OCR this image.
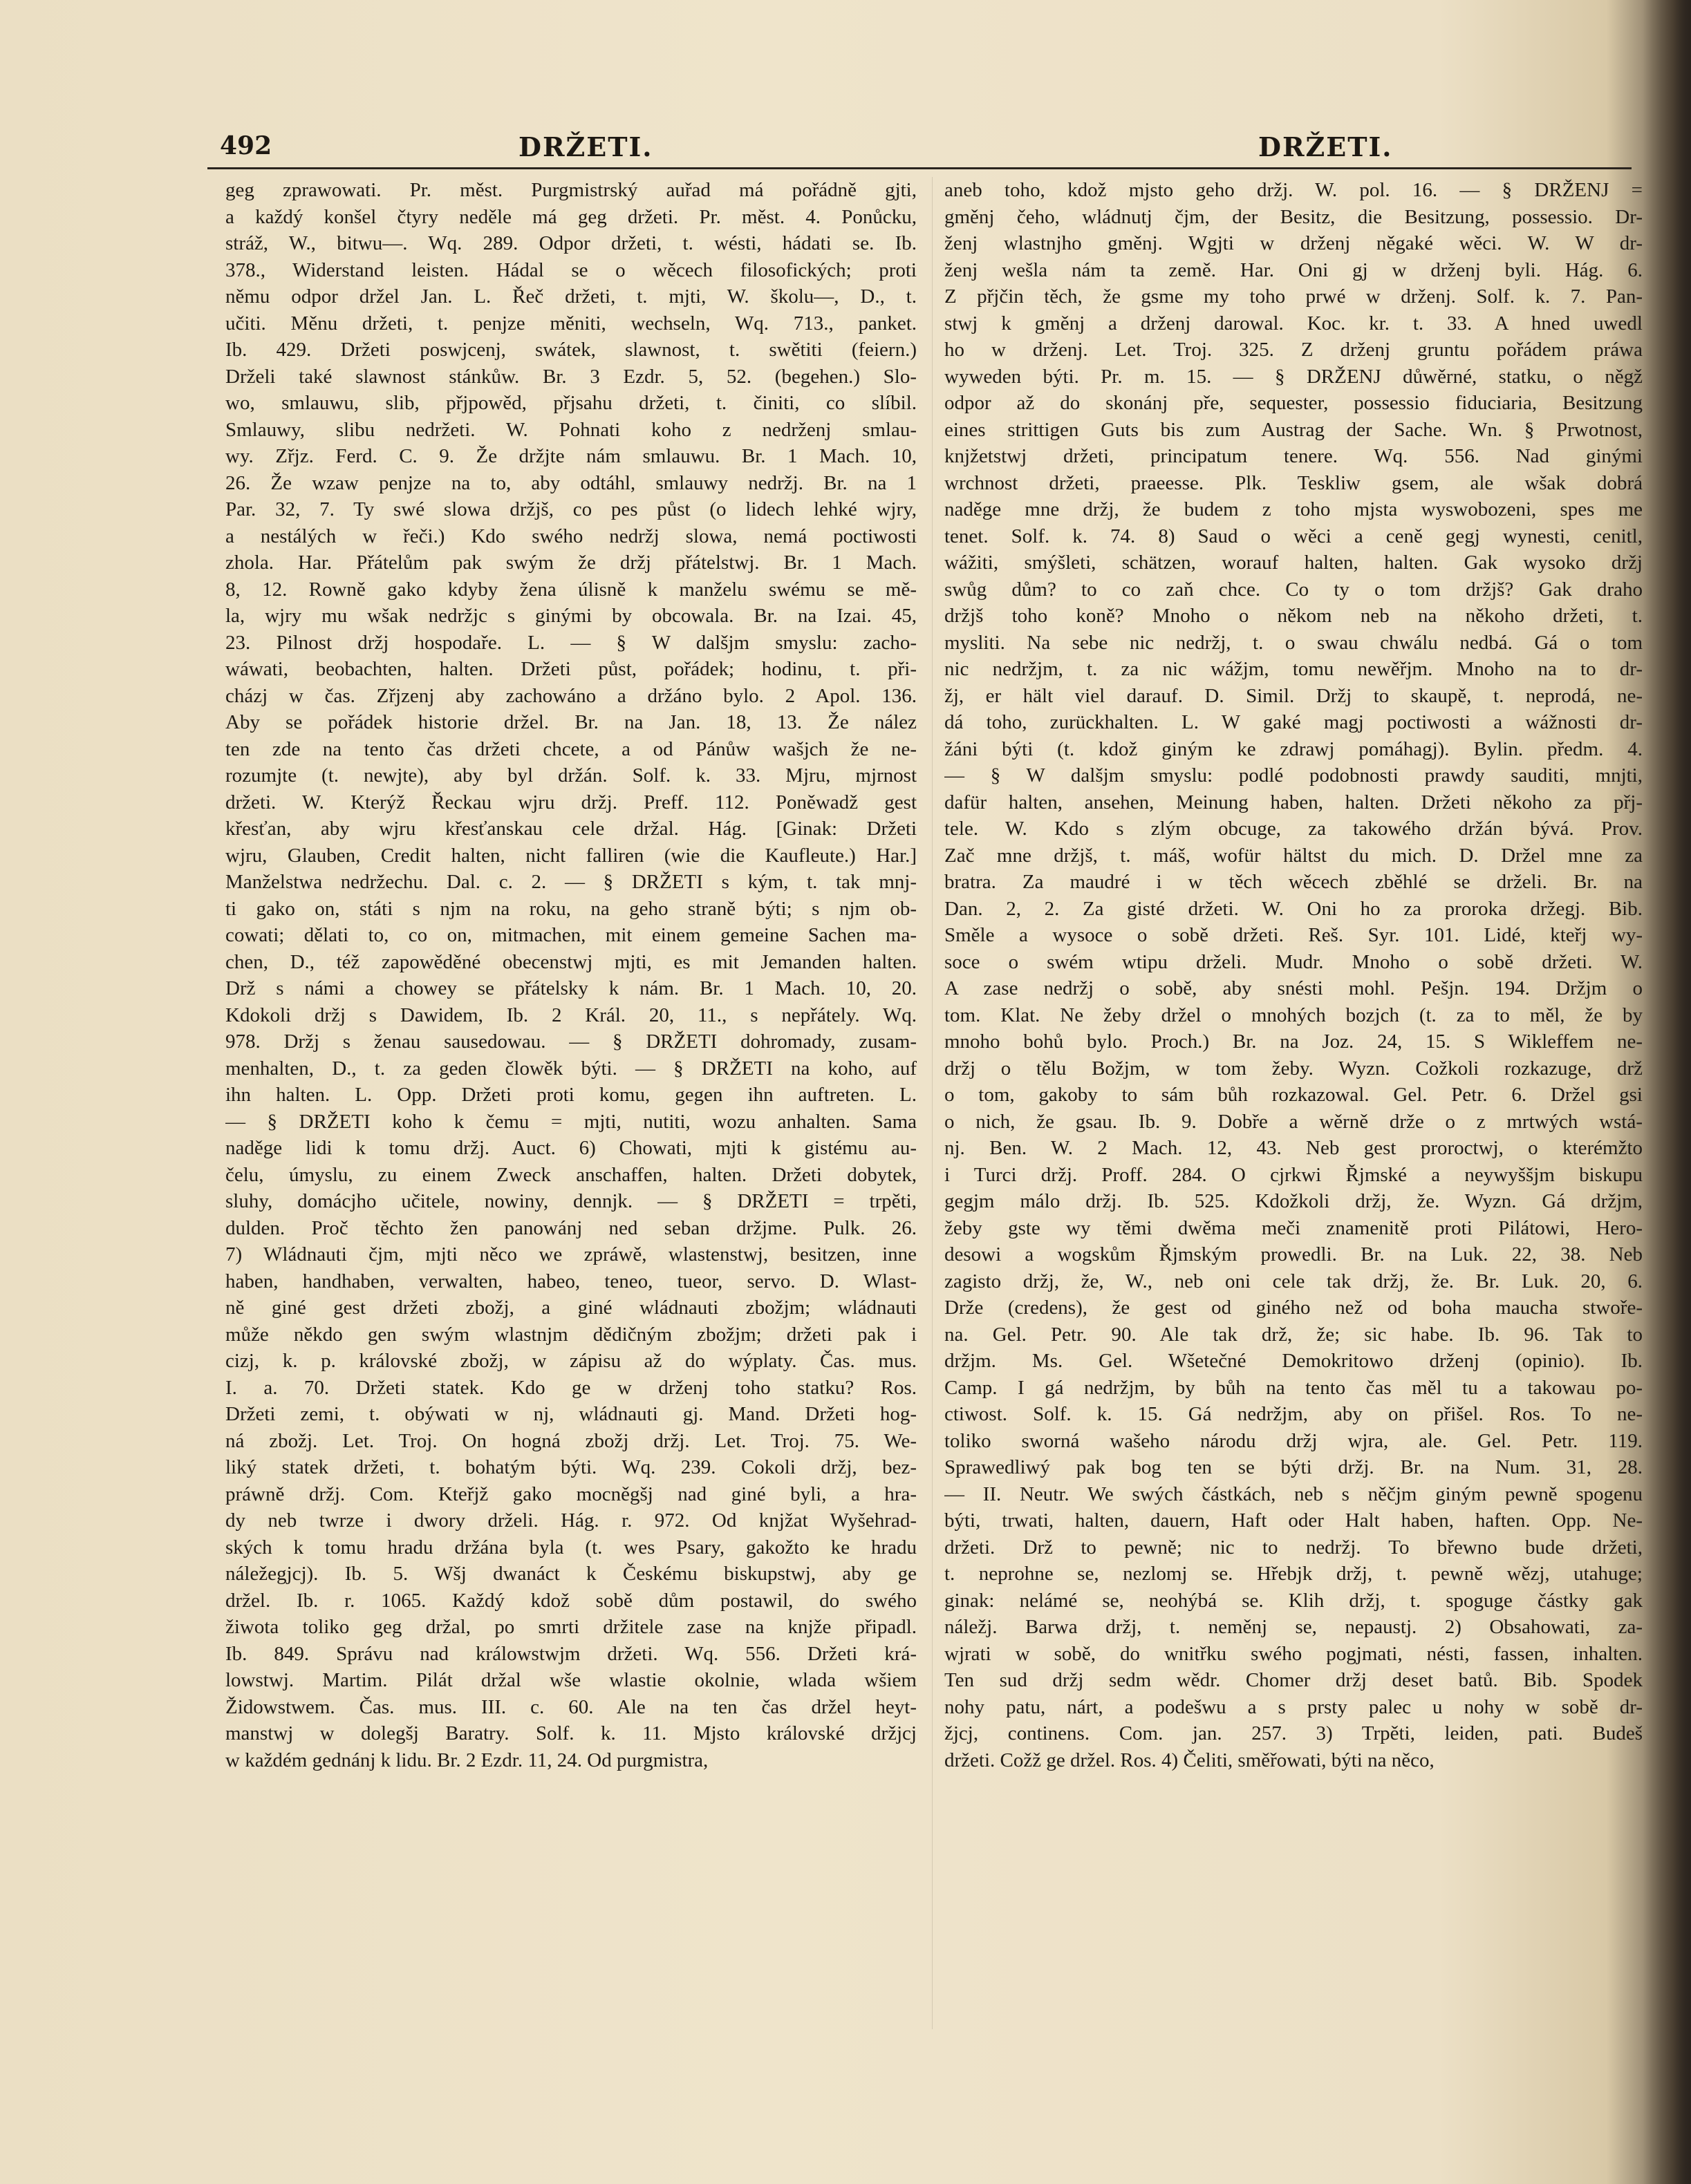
492	DRŽETI.	DRŽETI.
geg zprawowati. Pr. měst. Purgmistrský auřad má pořádně gjti,
a každý konšel čtyry neděle má geg držeti. Pr. měst. 4. Ponůcku,
stráž, W., bitwu—. Wq. 289. Odpor držeti, t. wésti, hádati se. Ib.
378., Widerstand leisten. Hádal se o wěcech filosofických; proti
němu odpor držel Jan. L. Řeč držeti, t. mjti, W. školu—, D., t.
učiti. Měnu držeti, t. penjze měniti, wechseln, Wq. 713., panket.
Ib. 429. Držeti poswjcenj, swátek, slawnost, t. swětiti (feiern.)
Drželi také slawnost stánkůw. Br. 3 Ezdr. 5, 52. (begehen.) Slo-
wo, smlauwu, slib, přjpowěd, přjsahu držeti, t. činiti, co slíbil.
Smlauwy, slibu nedržeti. W. Pohnati koho z nedrženj smlau-
wy. Zřjz. Ferd. C. 9. Že držjte nám smlauwu. Br. 1 Mach. 10,
26. Že wzaw penjze na to, aby odtáhl, smlauwy nedržj. Br. na 1
Par. 32, 7. Ty swé slowa držjš, co pes půst (o lidech lehké wjry,
a nestálých w řeči.) Kdo swého nedržj slowa, nemá poctiwosti
zhola. Har. Přátelům pak swým že držj přátelstwj. Br. 1 Mach.
8, 12. Rowně gako kdyby žena úlisně k manželu swému se mě-
la, wjry mu wšak nedržjc s ginými by obcowala. Br. na Izai. 45,
23. Pilnost držj hospodaře. L. — § W dalšjm smyslu: zacho-
wáwati, beobachten, halten. Držeti půst, pořádek; hodinu, t. při-
cházj w čas. Zřjzenj aby zachowáno a držáno bylo. 2 Apol. 136.
Aby se pořádek historie držel. Br. na Jan. 18, 13. Že nález
ten zde na tento čas držeti chcete, a od Pánůw wašjch že ne-
rozumjte (t. newjte), aby byl držán. Solf. k. 33. Mjru, mjrnost
držeti. W. Kterýž Řeckau wjru držj. Preff. 112. Poněwadž gest
křesťan, aby wjru křesťanskau cele držal. Hág. [Ginak: Držeti
wjru, Glauben, Credit halten, nicht falliren (wie die Kaufleute.) Har.]
Manželstwa nedržechu. Dal. c. 2. — § DRŽETI s kým, t. tak mnj-
ti gako on, státi s njm na roku, na geho straně býti; s njm ob-
cowati; dělati to, co on, mitmachen, mit einem gemeine Sachen ma-
chen, D., též zapowěděné obecenstwj mjti, es mit Jemanden halten.
Drž s námi a chowey se přátelsky k nám. Br. 1 Mach. 10, 20.
Kdokoli držj s Dawidem, Ib. 2 Král. 20, 11., s nepřátely. Wq.
978. Držj s ženau sausedowau. — § DRŽETI dohromady, zusam-
menhalten, D., t. za geden člowěk býti. — § DRŽETI na koho, auf
ihn halten. L. Opp. Držeti proti komu, gegen ihn auftreten. L.
— § DRŽETI koho k čemu = mjti, nutiti, wozu anhalten. Sama
naděge lidi k tomu držj. Auct. 6) Chowati, mjti k gistému au-
čelu, úmyslu, zu einem Zweck anschaffen, halten. Držeti dobytek,
sluhy, domácjho učitele, nowiny, dennjk. — § DRŽETI = trpěti,
dulden. Proč těchto žen panowánj ned seban držjme. Pulk. 26.
7) Wládnauti čjm, mjti něco we zpráwě, wlastenstwj, besitzen, inne
haben, handhaben, verwalten, habeo, teneo, tueor, servo. D. Wlast-
ně giné gest držeti zbožj, a giné wládnauti zbožjm; wládnauti
může někdo gen swým wlastnjm dědičným zbožjm; držeti pak i
cizj, k. p. královské zbožj, w zápisu až do wýplaty. Čas. mus.
I. a. 70. Držeti statek. Kdo ge w drženj toho statku? Ros.
Držeti zemi, t. obýwati w nj, wládnauti gj. Mand. Držeti hog-
ná zbožj. Let. Troj. On hogná zbožj držj. Let. Troj. 75. We-
liký statek držeti, t. bohatým býti. Wq. 239. Cokoli držj, bez-
práwně držj. Com. Kteřjž gako mocněgšj nad giné byli, a hra-
dy neb twrze i dwory drželi. Hág. r. 972. Od knjžat Wyšehrad-
ských k tomu hradu držána byla (t. wes Psary, gakožto ke hradu
náležegjcj). Ib. 5. Wšj dwanáct k Českému biskupstwj, aby ge
držel. Ib. r. 1065. Každý kdož sobě dům postawil, do swého
žiwota toliko geg držal, po smrti držitele zase na knjže připadl.
Ib. 849. Správu nad králowstwjm držeti. Wq. 556. Držeti krá-
lowstwj. Martim. Pilát držal wše wlastie okolnie, wlada wšiem
Židowstwem. Čas. mus. III. c. 60. Ale na ten čas držel heyt-
manstwj w dolegšj Baratry. Solf. k. 11. Mjsto královské držjcj
w každém gednánj k lidu. Br. 2 Ezdr. 11, 24. Od purgmistra,
aneb toho, kdož mjsto geho držj. W. pol. 16. — § DRŽENJ =
gměnj čeho, wládnutj čjm, der Besitz, die Besitzung, possessio. Dr-
ženj wlastnjho gměnj. Wgjti w drženj něgaké wěci. W. W dr-
ženj wešla nám ta země. Har. Oni gj w drženj byli. Hág. 6.
Z přjčin těch, že gsme my toho prwé w drženj. Solf. k. 7. Pan-
stwj k gměnj a drženj darowal. Koc. kr. t. 33. A hned uwedl
ho w drženj. Let. Troj. 325. Z drženj gruntu pořádem práwa
wyweden býti. Pr. m. 15. — § DRŽENJ důwěrné, statku, o něgž
odpor až do skonánj pře, sequester, possessio fiduciaria, Besitzung
eines strittigen Guts bis zum Austrag der Sache. Wn. § Prwotnost,
knjžetstwj držeti, principatum tenere. Wq. 556. Nad ginými
wrchnost držeti, praeesse. Plk. Teskliw gsem, ale wšak dobrá
naděge mne držj, že budem z toho mjsta wyswobozeni, spes me
tenet. Solf. k. 74. 8) Saud o wěci a ceně gegj wynesti, cenitl,
wážiti, smýšleti, schätzen, worauf halten, halten. Gak wysoko držj
swůg dům? to co zaň chce. Co ty o tom držjš? Gak draho
držjš toho koně? Mnoho o někom neb na někoho držeti, t.
mysliti. Na sebe nic nedržj, t. o swau chwálu nedbá. Gá o tom
nic nedržjm, t. za nic wážjm, tomu newěřjm. Mnoho na to dr-
žj, er hält viel darauf. D. Simil. Držj to skaupě, t. neprodá, ne-
dá toho, zurückhalten. L. W gaké magj poctiwosti a wážnosti dr-
žáni býti (t. kdož giným ke zdrawj pomáhagj). Bylin. předm. 4.
— § W dalšjm smyslu: podlé podobnosti prawdy sauditi, mnjti,
dafür halten, ansehen, Meinung haben, halten. Držeti někoho za přj-
tele. W. Kdo s zlým obcuge, za takowého držán bývá. Prov.
Zač mne držjš, t. máš, wofür hältst du mich. D. Držel mne za
bratra. Za maudré i w těch wěcech zběhlé se drželi. Br. na
Dan. 2, 2. Za gisté držeti. W. Oni ho za proroka držegj. Bib.
Směle a wysoce o sobě držeti. Reš. Syr. 101. Lidé, kteřj wy-
soce o swém wtipu drželi. Mudr. Mnoho o sobě držeti. W.
A zase nedržj o sobě, aby snésti mohl. Pešjn. 194. Držjm o
tom. Klat. Ne žeby držel o mnohých bozjch (t. za to měl, že by
mnoho bohů bylo. Proch.) Br. na Joz. 24, 15. S Wikleffem ne-
držj o tělu Božjm, w tom žeby. Wyzn. Cožkoli rozkazuge, drž
o tom, gakoby to sám bůh rozkazowal. Gel. Petr. 6. Držel gsi
o nich, že gsau. Ib. 9. Dobře a wěrně drže o z mrtwých wstá-
nj. Ben. W. 2 Mach. 12, 43. Neb gest proroctwj, o kterémžto
i Turci držj. Proff. 284. O cjrkwi Řjmské a neywyššjm biskupu
gegjm málo držj. Ib. 525. Kdožkoli držj, že. Wyzn. Gá držjm,
žeby gste wy těmi dwěma meči znamenitě proti Pilátowi, Hero-
desowi a wogskům Řjmským prowedli. Br. na Luk. 22, 38. Neb
zagisto držj, že, W., neb oni cele tak držj, že. Br. Luk. 20, 6.
Drže (credens), že gest od giného než od boha maucha stwoře-
na. Gel. Petr. 90. Ale tak drž, že; sic habe. Ib. 96. Tak to
držjm. Ms. Gel. Wšetečné Demokritowo drženj (opinio). Ib.
Camp. I gá nedržjm, by bůh na tento čas měl tu a takowau po-
ctiwost. Solf. k. 15. Gá nedržjm, aby on přišel. Ros. To ne-
toliko sworná wašeho národu držj wjra, ale. Gel. Petr. 119.
Sprawedliwý pak bog ten se býti držj. Br. na Num. 31, 28.
— II. Neutr. We swých částkách, neb s něčjm giným pewně spogenu
býti, trwati, halten, dauern, Haft oder Halt haben, haften. Opp. Ne-
držeti. Drž to pewně; nic to nedržj. To břewno bude držeti,
t. neprohne se, nezlomj se. Hřebjk držj, t. pewně wězj, utahuge;
ginak: nelámé se, neohýbá se. Klih držj, t. spoguge částky gak
náležj. Barwa držj, t. neměnj se, nepaustj. 2) Obsahowati, za-
wjrati w sobě, do wnitřku swého pogjmati, nésti, fassen, inhalten.
Ten sud držj sedm wědr. Chomer držj deset batů. Bib. Spodek
nohy patu, nárt, a podešwu a s prsty palec u nohy w sobě dr-
žjcj, continens. Com. jan. 257. 3) Trpěti, leiden, pati. Budeš
držeti. Cožž ge držel. Ros. 4) Čeliti, směřowati, býti na něco,
